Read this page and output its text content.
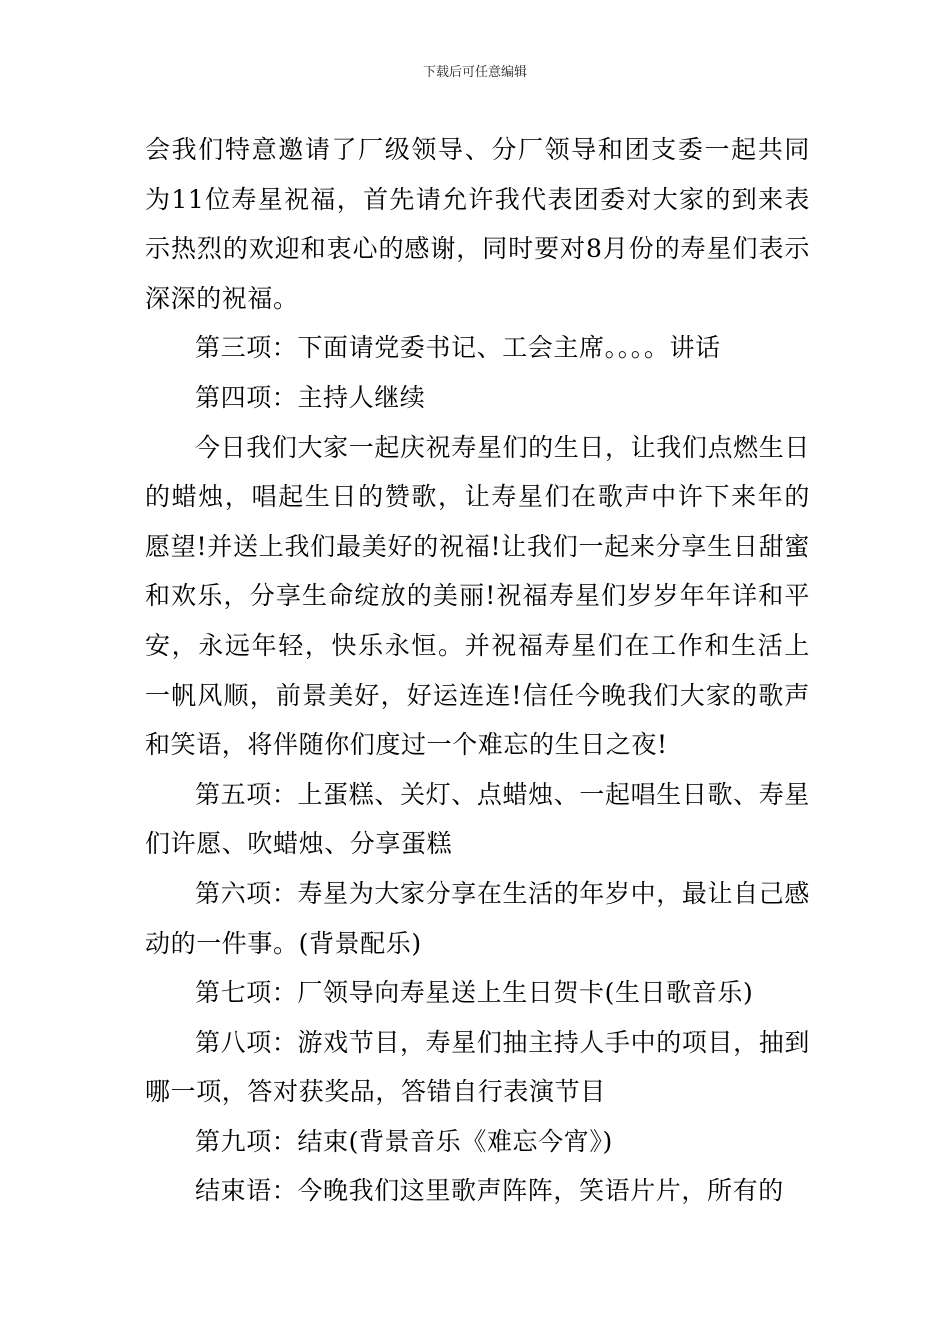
下载后可任意编辑

会我们特意邀请了厂级领导、分厂领导和团支委一起共同为11位寿星祝福，首先请允许我代表团委对大家的到来表示热烈的欢迎和衷心的感谢，同时要对8月份的寿星们表示深深的祝福。

第三项：下面请党委书记、工会主席。。。。讲话

第四项：主持人继续

今日我们大家一起庆祝寿星们的生日，让我们点燃生日的蜡烛，唱起生日的赞歌，让寿星们在歌声中许下来年的愿望!并送上我们最美好的祝福!让我们一起来分享生日甜蜜和欢乐，分享生命绽放的美丽!祝福寿星们岁岁年年详和平安，永远年轻，快乐永恒。并祝福寿星们在工作和生活上一帆风顺，前景美好，好运连连!信任今晚我们大家的歌声和笑语，将伴随你们度过一个难忘的生日之夜!

第五项：上蛋糕、关灯、点蜡烛、一起唱生日歌、寿星们许愿、吹蜡烛、分享蛋糕

第六项：寿星为大家分享在生活的年岁中，最让自己感动的一件事。(背景配乐)

第七项：厂领导向寿星送上生日贺卡(生日歌音乐)

第八项：游戏节目，寿星们抽主持人手中的项目，抽到哪一项，答对获奖品，答错自行表演节目

第九项：结束(背景音乐《难忘今宵》)

结束语：今晚我们这里歌声阵阵，笑语片片，所有的
